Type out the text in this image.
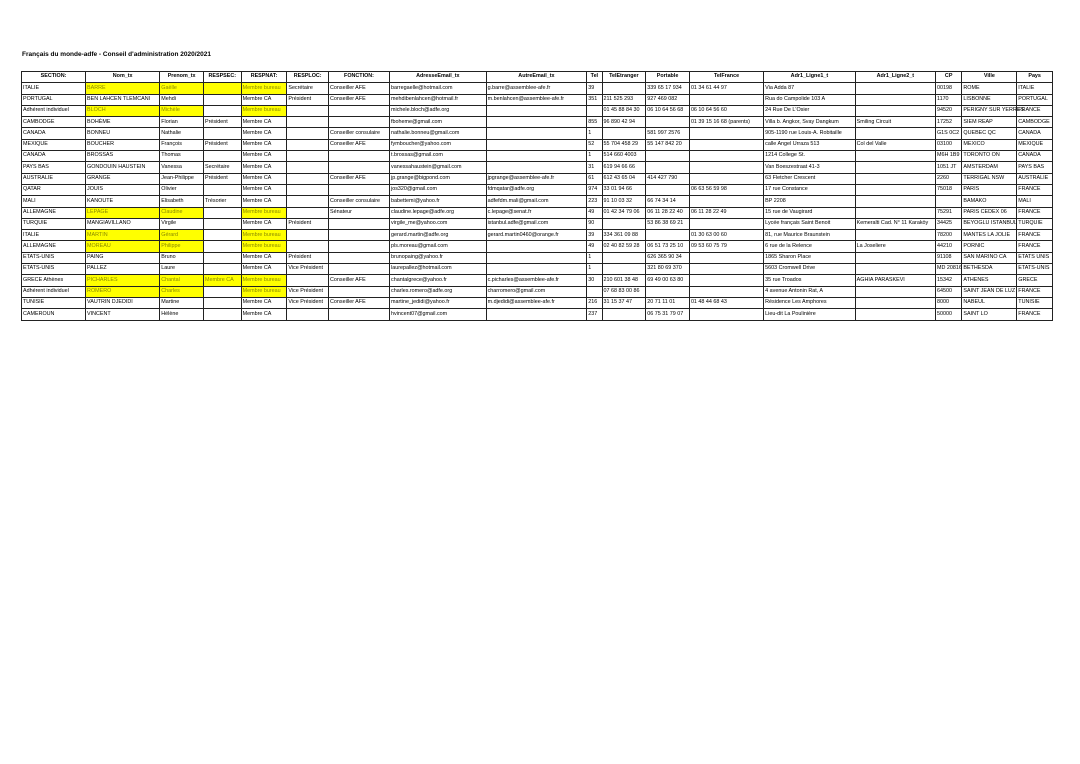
Français du monde-adfe - Conseil d'administration 2020/2021
SECTION:	Nom_tx	Prenom_tx	RESPSEC:	RESPNAT:	RESPLOC:	FONCTION:	AdresseEmail_tx	AutreEmail_tx	Tel	TelEtranger	Portable	TelFrance	Adr1_Ligne1_t	Adr1_Ligne2_t	CP	Ville	Pays
ITALIE	BARRE	Gaëlle		Membre bureau	Secrétaire	Conseiller AFE	barregaelle@hotmail.com	g.barre@assemblee-afe.fr	39		339 65 17 934	01 34 61 44 97	Via Adda 87		00198	ROME	ITALIE
PORTUGAL	BEN LAHCEN TLEMCANI	Mehdi		Membre CA	Président	Conseiller AFE	mehdibenlahcen@hotmail.fr	m.benlahcen@assemblee-afe.fr	351	211 525 293	927 469 082		Rua do Campolide 103 A		1170	LISBONNE	PORTUGAL
Adhérent individuel	BLOCH	Michèle		Membre bureau			michele.bloch@adfe.org			01 45 88 84 30	06 10 64 56 68	06 10 64 56 60	24 Rue De L'Osier		94520	PERIGNY SUR YERRES	FRANCE
CAMBODGE	BOHÈME	Florian	Président	Membre CA			fboheme@gmail.com		855	96 890 42 94		01 39 15 16 68 (parents)	Villa b. Angkor, Svay Dangkum	Smiling Circuit	17252	SIEM REAP	CAMBODGE
CANADA	BONNEU	Nathalie		Membre CA		Conseiller consulaire	nathalie.bonneu@gmail.com		1		581 997 2576		905-1190 rue Louis-A. Robitaille		G1S 0C2	QUEBEC QC	CANADA
MEXIQUE	BOUCHER	François	Président	Membre CA		Conseiller AFE	fymboucher@yahoo.com		52	55 704 458 29	55 147 842 20		calle Angel Urraza 513	Col del Valle	03100	MEXICO	MEXIQUE
CANADA	BROSSAS	Thomas		Membre CA			t.brossas@gmail.com		1	514 660 4003			1214 College St.		M6H 1B9	TORONTO ON	CANADA
PAYS BAS	GONDOUIN HAUSTEIN	Vanessa	Secrétaire	Membre CA			vanessahaustein@gmail.com		31	619 94 66 66			Van Boeszestraat 41-3		1051 JT	AMSTERDAM	PAYS BAS
AUSTRALIE	GRANGE	Jean-Philippe	Président	Membre CA		Conseiller AFE	jp.grange@bigpond.com	jpgrange@assemblee-afe.fr	61	612 43 65 04	414 427 790		63 Fletcher Crescent		2260	TERRIGAL NSW	AUSTRALIE
QATAR	JOUIS	Olivier		Membre CA			jos320@gmail.com	fdmqatar@adfe.org	974	33 01 94 66		06 63 56 59 98	17 rue Constance		75018	PARIS	FRANCE
MALI	KANOUTE	Elisabeth	Trésorier	Membre CA		Conseiller consulaire	babettemi@yahoo.fr	adfefdm.mali@gmail.com	223	91 10 03 32	66 74 34 14		BP 2208			BAMAKO	MALI
ALLEMAGNE	LEPAGE	Claudine		Membre bureau		Sénateur	claudine.lepage@adfe.org	c.lepage@senat.fr	49	01 42 34 79 06	06 11 28 22 40	06 11 28 22 49	15 rue de Vaugirard		75291	PARIS CEDEX 06	FRANCE
TURQUIE	MANGIAVILLANO	Virgile		Membre CA	Président		virgile_me@yahoo.com	istanbul.adfe@gmail.com	90		53 86 38 69 21		Lycée français Saint Benoit	Kemeralti Cad. N° 11 Karaköy	34425	BEYOGLU ISTANBUL	TURQUIE
ITALIE	MARTIN	Gérard		Membre bureau			gerard.martin@adfe.org	gerard.martin0460@orange.fr	39	334 361 09 88		01 30 63 00 60	81, rue Maurice Braunstein		78200	MANTES LA JOLIE	FRANCE
ALLEMAGNE	MOREAU	Philippe		Membre bureau			pls.moreau@gmail.com		49	02 40 82 59 28	06 51 73 25 10	09 53 60 75 79	6 rue de la Relence	La Joseliere	44210	PORNIC	FRANCE
ETATS-UNIS	PAING	Bruno		Membre CA	Président		brunopaing@yahoo.fr		1		626 365 90 34		1865 Sharon Place		91108	SAN MARINO CA	ETATS UNIS
ETATS-UNIS	PALLEZ	Laure		Membre CA	Vice Président		laurepallez@hotmail.com		1		321 80 69 370		5603 Cromwell Drive		MD 20816	BETHESDA	ETATS-UNIS
GRECE Athènes	PICHARLES	Chantal	Membre CA	Membre bureau		Conseiller AFE	chantalgrece@yahoo.fr	c.picharles@assemblee-afe.fr	30	210 601 38 48	69 49 00 63 80		35 rue Troados	AGHIA PARASKEVI	15342	ATHENES	GRECE
Adhérent individuel	ROMERO	Charles		Membre bureau	Vice Président		charles.romero@adfe.org	charromero@gmail.com		07 68 83 00 86			4 avenue Antonin Rat, A		64500	SAINT JEAN DE LUZ	FRANCE
TUNISIE	VAUTRIN DJEDIDI	Martine		Membre CA	Vice Président	Conseiller AFE	martine_jedidi@yahoo.fr	m.djedidi@assemblee-afe.fr	216	31 15 37 47	20 71 11 01	01 48 44 68 43	Résidence Les Amphores		8000	NABEUL	TUNISIE
CAMEROUN	VINCENT	Hélène		Membre CA			hvincent07@gmail.com		237		06 75 31 79 07		Lieu-dit La Poulinière		50000	SAINT LO	FRANCE
